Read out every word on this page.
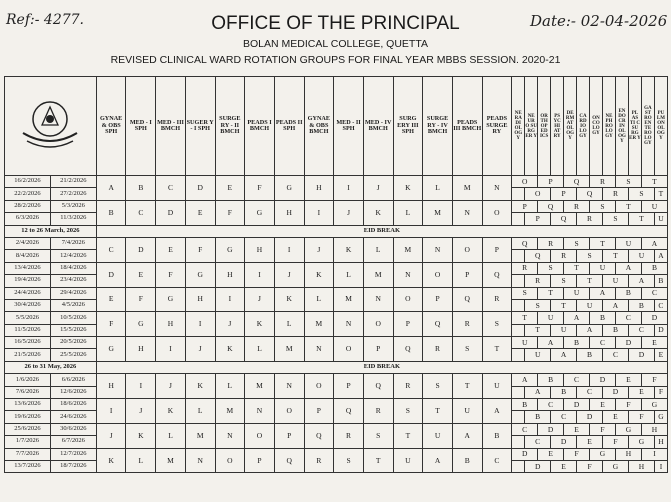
Ref:- 4277.	Date:- 02-04-2026
OFFICE OF THE PRINCIPAL
BOLAN MEDICAL COLLEGE, QUETTA
REVISED CLINICAL WARD ROTATION GROUPS FOR FINAL YEAR MBBS SESSION. 2020-21
	GYNAE & OBS SPH	MED - I SPH	MED - III BMCH	SUGER Y - I SPH	SURGE RY - II BMCH	PEADS I BMCH	PEADS II SPH	GYNAE & OBS BMCH	MED - II SPH	MED - IV BMCH	SURG ERY III SPH	SURGE RY - IV BMCH	PEADS III BMCH	PEADS SURGE RY	NE RA DI OL OG Y	NE UR O SU RG ER Y	OR TH OP ED ICS	PS YC HI AT RY	DE RM AT OL OG Y	CA RD IO LO GY	ON CO LO GY	NE PH RO LO GY	EN DO CR IN OL OG Y	PL AS TI C SU RG ER Y	GA ST RO EN TE RO LO GY	PU LM ON OL OG Y
16/2/2026	21/2/2026	A	B	C	D	E	F	G	H	I	J	K	L	M	N	O		P		Q		R		S		T	
22/2/2026	27/2/2026																O		P		Q		R		S		T
28/2/2026	5/3/2026	B	C	D	E	F	G	H	I	J	K	L	M	N	O	P		Q		R		S		T		U	
6/3/2026	11/3/2026																P		Q		R		S		T		U
12 to 26 March, 2026		EID BREAK																									
2/4/2026	7/4/2026	C	D	E	F	G	H	I	J	K	L	M	N	O	P	Q		R		S		T		U		A	
8/4/2026	12/4/2026																Q		R		S		T		U		A
13/4/2026	18/4/2026	D	E	F	G	H	I	J	K	L	M	N	O	P	Q	R		S		T		U		A		B	
19/4/2026	23/4/2026																R		S		T		U		A		B
24/4/2026	29/4/2026	E	F	G	H	I	J	K	L	M	N	O	P	Q	R	S		T		U		A		B		C	
30/4/2026	4/5/2026																S		T		U		A		B		C
5/5/2026	10/5/2026	F	G	H	I	J	K	L	M	N	O	P	Q	R	S	T		U		A		B		C		D	
11/5/2026	15/5/2026																T		U		A		B		C		D
16/5/2026	20/5/2026	G	H	I	J	K	L	M	N	O	P	Q	R	S	T	U		A		B		C		D		E	
21/5/2026	25/5/2026																U		A		B		C		D		E
26 to 31 May, 2026		EID BREAK																									
1/6/2026	6/6/2026	H	I	J	K	L	M	N	O	P	Q	R	S	T	U	A		B		C		D		E		F	
7/6/2026	12/6/2026																A		B		C		D		E		F
13/6/2026	18/6/2026	I	J	K	L	M	N	O	P	Q	R	S	T	U	A	B		C		D		E		F		G	
19/6/2026	24/6/2026																B		C		D		E		F		G
25/6/2026	30/6/2026	J	K	L	M	N	O	P	Q	R	S	T	U	A	B	C		D		E		F		G		H	
1/7/2026	6/7/2026																C		D		E		F		G		H
7/7/2026	12/7/2026	K	L	M	N	O	P	Q	R	S	T	U	A	B	C	D		E		F		G		H		I	
13/7/2026	18/7/2026																D		E		F		G		H		I
